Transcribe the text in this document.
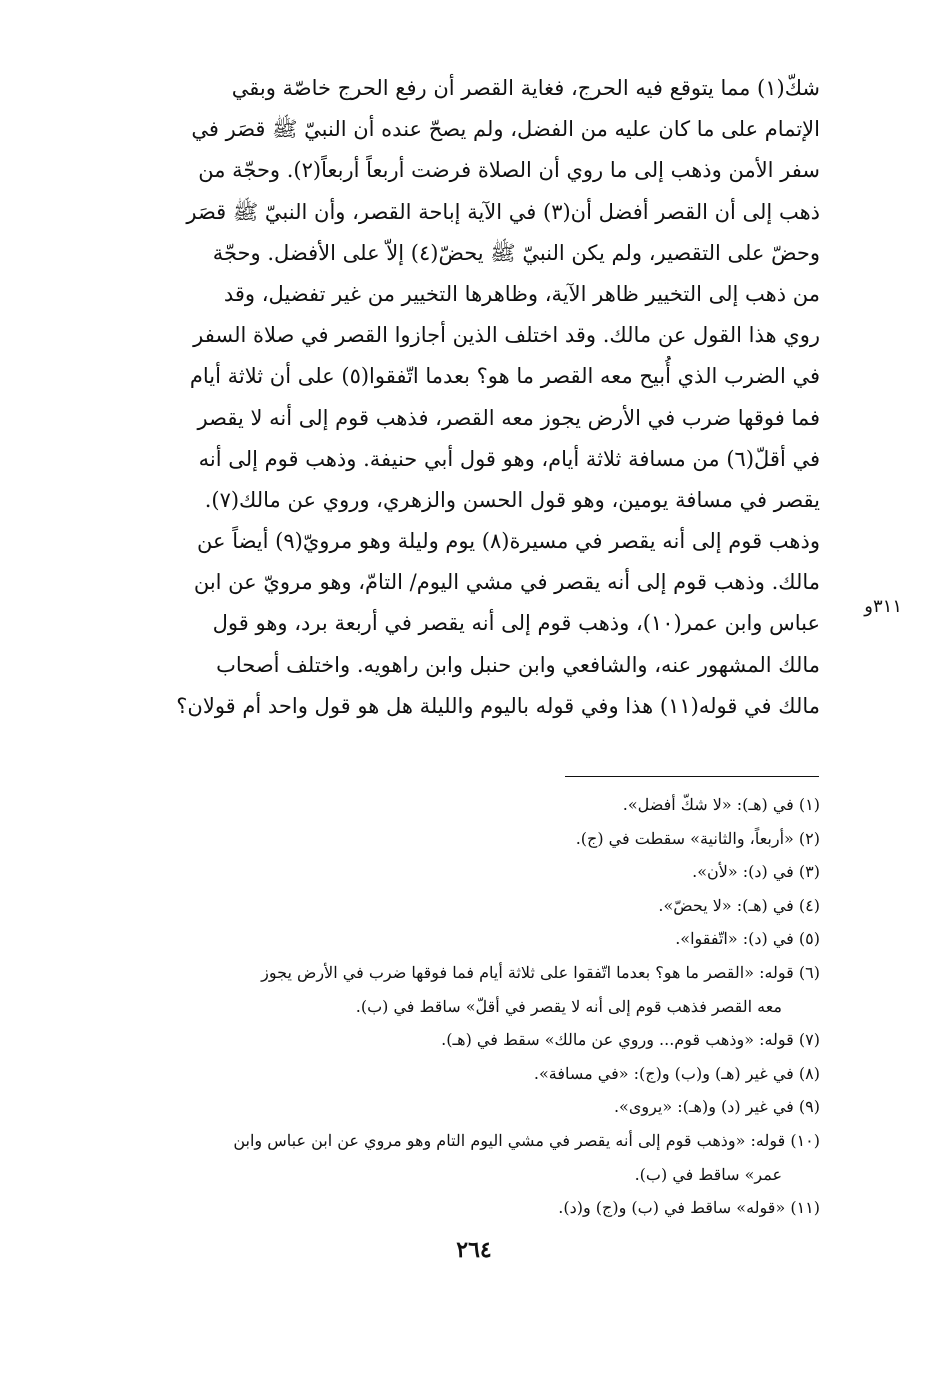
شكّ(١) مما يتوقع فيه الحرج، فغاية القصر أن رفع الحرج خاصّة وبقي
الإتمام على ما كان عليه من الفضل، ولم يصحّ عنده أن النبيّ ﷺ قصَر في
سفر الأمن وذهب إلى ما روي أن الصلاة فرضت أربعاً أربعاً(٢). وحجّة من
ذهب إلى أن القصر أفضل أن(٣) في الآية إباحة القصر، وأن النبيّ ﷺ قصَر
وحضّ على التقصير، ولم يكن النبيّ ﷺ يحضّ(٤) إلاّ على الأفضل. وحجّة
من ذهب إلى التخيير ظاهر الآية، وظاهرها التخيير من غير تفضيل، وقد
روي هذا القول عن مالك. وقد اختلف الذين أجازوا القصر في صلاة السفر
في الضرب الذي أُبيح معه القصر ما هو؟ بعدما اتّفقوا(٥) على أن ثلاثة أيام
فما فوقها ضرب في الأرض يجوز معه القصر، فذهب قوم إلى أنه لا يقصر
في أقلّ(٦) من مسافة ثلاثة أيام، وهو قول أبي حنيفة. وذهب قوم إلى أنه
يقصر في مسافة يومين، وهو قول الحسن والزهري، وروي عن مالك(٧).
وذهب قوم إلى أنه يقصر في مسيرة(٨) يوم وليلة وهو مرويّ(٩) أيضاً عن
مالك. وذهب قوم إلى أنه يقصر في مشي اليوم/ التامّ، وهو مرويّ عن ابن
عباس وابن عمر(١٠)، وذهب قوم إلى أنه يقصر في أربعة برد، وهو قول
مالك المشهور عنه، والشافعي وابن حنبل وابن راهويه. واختلف أصحاب
مالك في قوله(١١) هذا وفي قوله باليوم والليلة هل هو قول واحد أم قولان؟
٣١١و
(١) في (هـ): «لا شكّ أفضل».
(٢) «أربعاً، والثانية» سقطت في (ج).
(٣) في (د): «لأن».
(٤) في (هـ): «لا يحضّ».
(٥) في (د): «اتّفقوا».
(٦) قوله: «القصر ما هو؟ بعدما اتّفقوا على ثلاثة أيام فما فوقها ضرب في الأرض يجوز
معه القصر فذهب قوم إلى أنه لا يقصر في أقلّ» ساقط في (ب).
(٧) قوله: «وذهب قوم... وروي عن مالك» سقط في (هـ).
(٨) في غير (هـ) و(ب) و(ج): «في مسافة».
(٩) في غير (د) و(هـ): «يروى».
(١٠) قوله: «وذهب قوم إلى أنه يقصر في مشي اليوم التام وهو مروي عن ابن عباس وابن
عمر» ساقط في (ب).
(١١) «قوله» ساقط في (ب) و(ج) و(د).
٢٦٤
